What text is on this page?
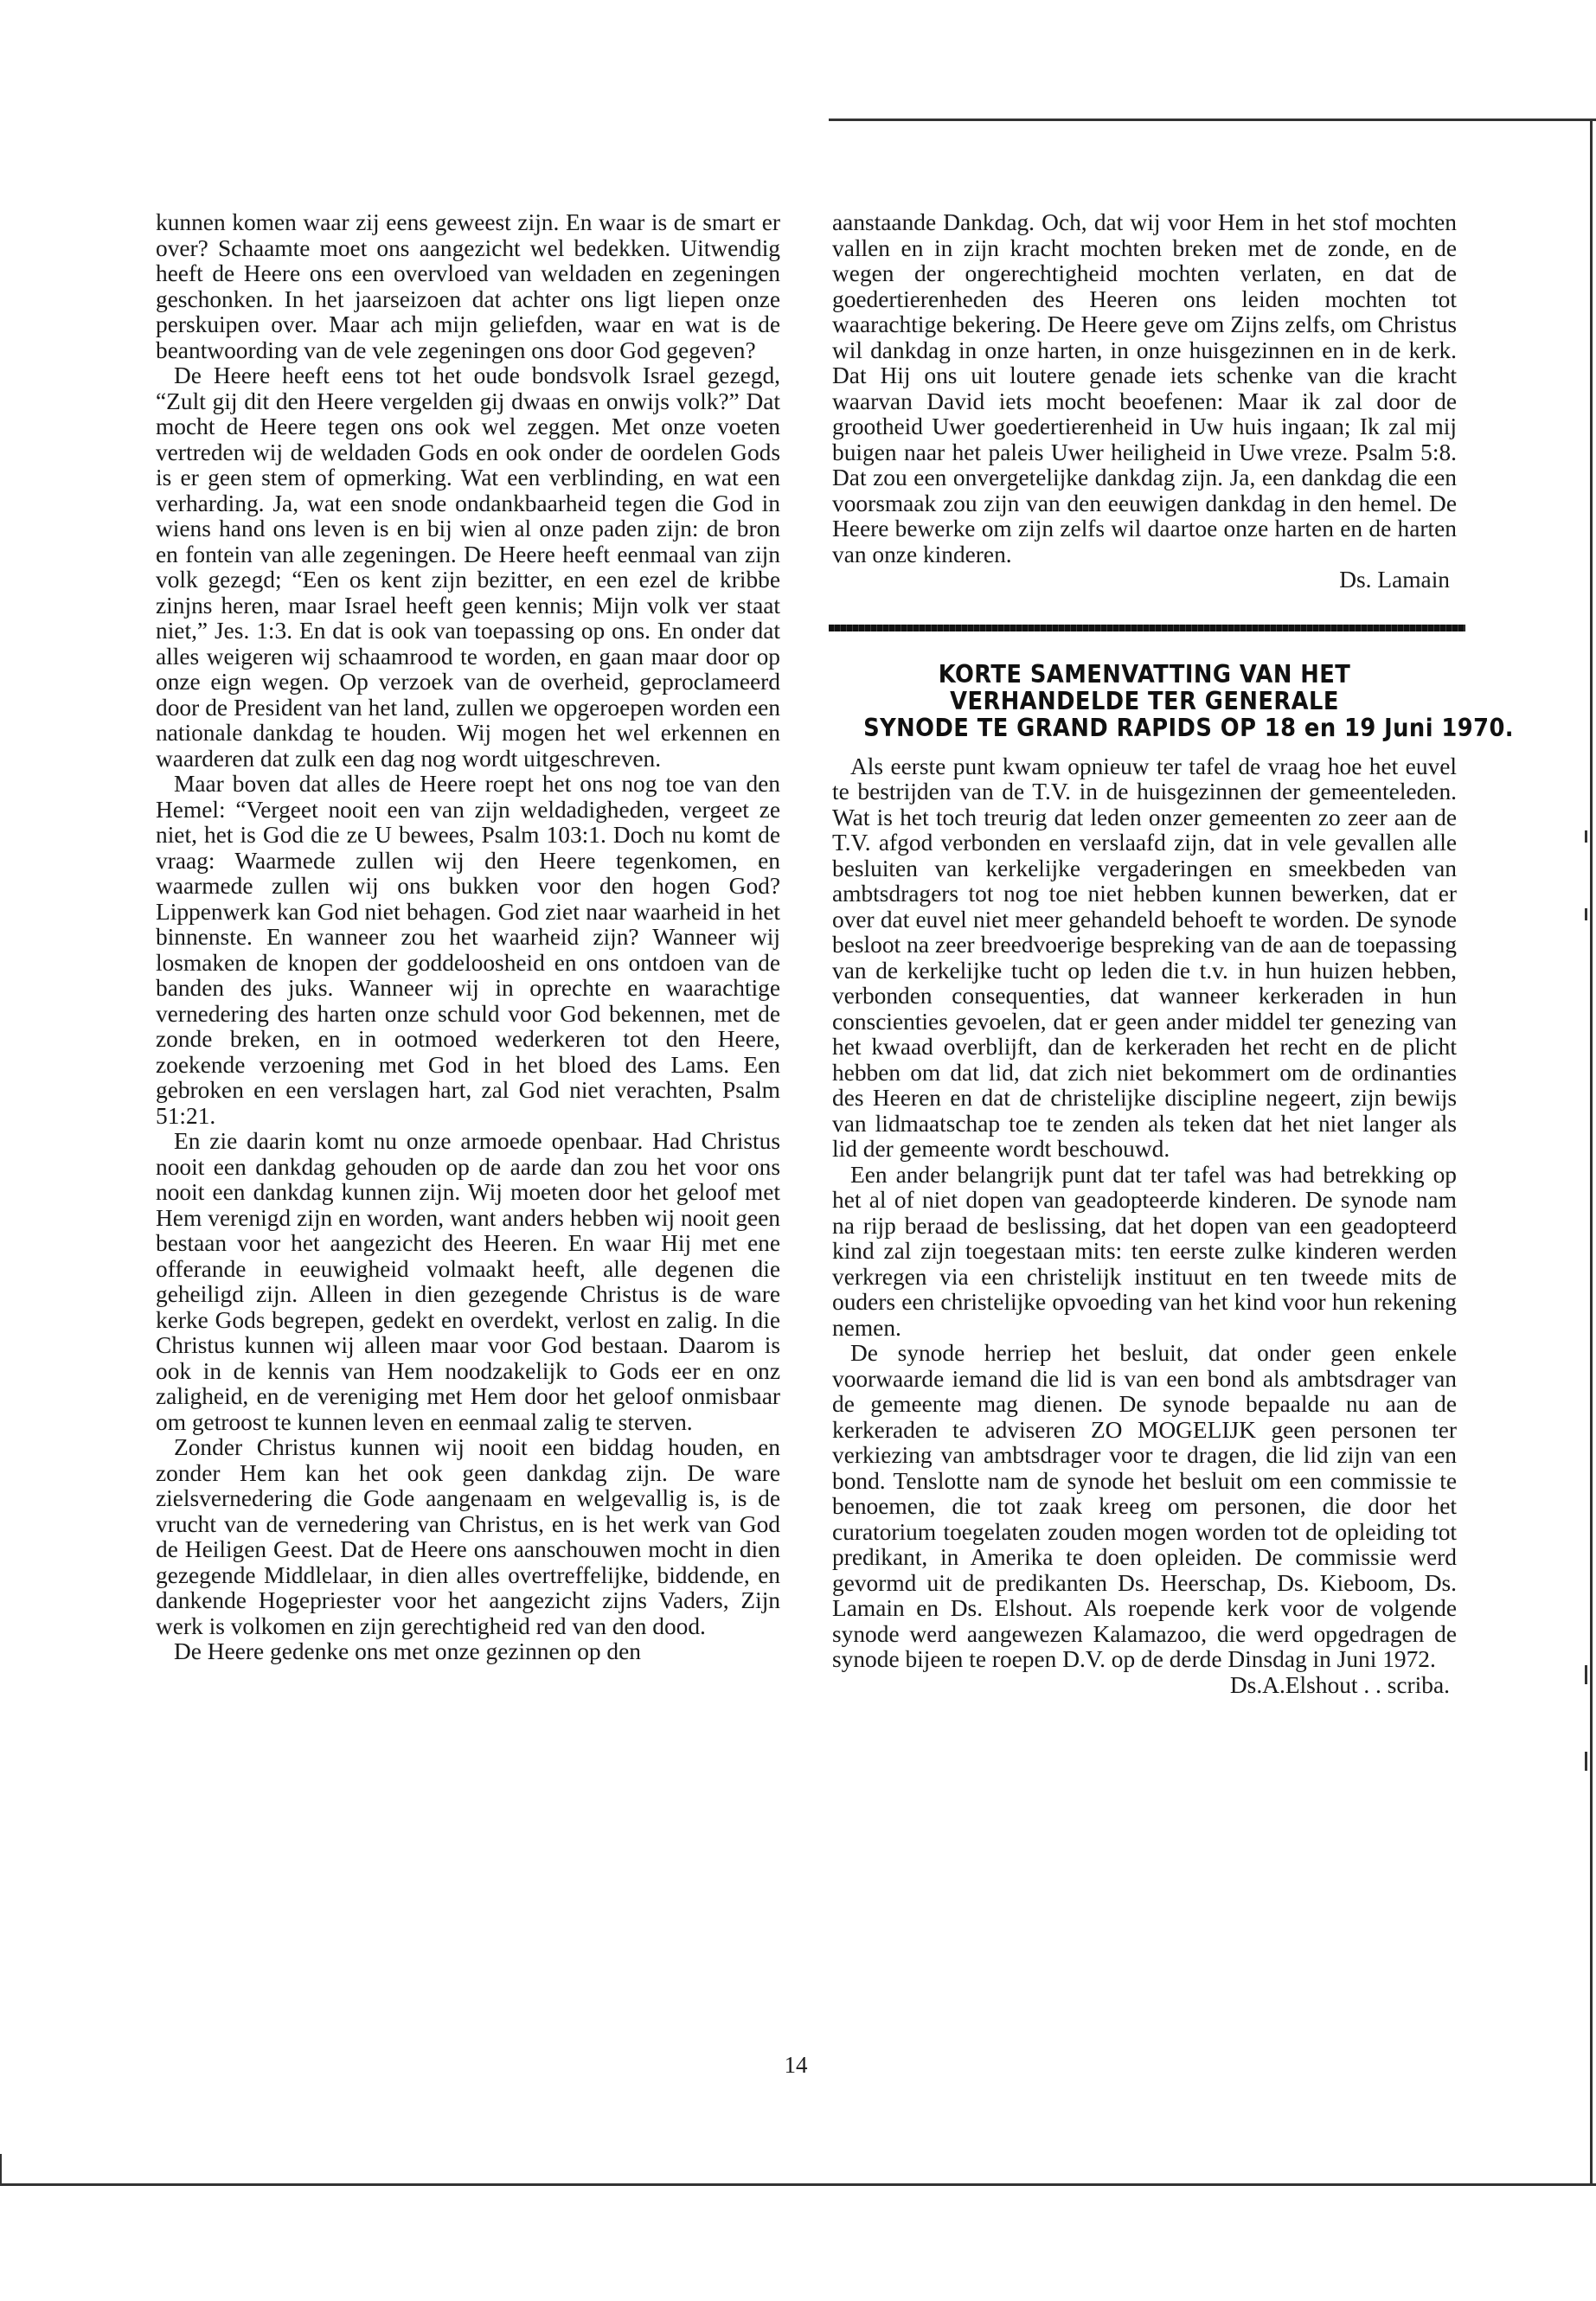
kunnen komen waar zij eens geweest zijn. En waar is de smart er over? Schaamte moet ons aangezicht wel bedekken. Uitwendig heeft de Heere ons een overvloed van weldaden en zegeningen geschonken. In het jaarseizoen dat achter ons ligt liepen onze perskuipen over. Maar ach mijn geliefden, waar en wat is de beantwoording van de vele zegeningen ons door God gegeven?

De Heere heeft eens tot het oude bondsvolk Israel gezegd, “Zult gij dit den Heere vergelden gij dwaas en onwijs volk?” Dat mocht de Heere tegen ons ook wel zeggen. Met onze voeten vertreden wij de weldaden Gods en ook onder de oordelen Gods is er geen stem of opmerking. Wat een verblinding, en wat een verharding. Ja, wat een snode ondankbaarheid tegen die God in wiens hand ons leven is en bij wien al onze paden zijn: de bron en fontein van alle zegeningen. De Heere heeft eenmaal van zijn volk gezegd; “Een os kent zijn bezitter, en een ezel de kribbe zinjns heren, maar Israel heeft geen kennis; Mijn volk ver staat niet,” Jes. 1:3. En dat is ook van toepassing op ons. En onder dat alles weigeren wij schaamrood te worden, en gaan maar door op onze eign wegen. Op verzoek van de overheid, geproclameerd door de President van het land, zullen we opgeroepen worden een nationale dankdag te houden. Wij mogen het wel erkennen en waarderen dat zulk een dag nog wordt uitgeschreven.

Maar boven dat alles de Heere roept het ons nog toe van den Hemel: “Vergeet nooit een van zijn weldadigheden, vergeet ze niet, het is God die ze U bewees, Psalm 103:1. Doch nu komt de vraag: Waarmede zullen wij den Heere tegenkomen, en waarmede zullen wij ons bukken voor den hogen God? Lippenwerk kan God niet behagen. God ziet naar waarheid in het binnenste. En wanneer zou het waarheid zijn? Wanneer wij losmaken de knopen der goddeloosheid en ons ontdoen van de banden des juks. Wanneer wij in oprechte en waarachtige vernedering des harten onze schuld voor God bekennen, met de zonde breken, en in ootmoed wederkeren tot den Heere, zoekende verzoening met God in het bloed des Lams. Een gebroken en een verslagen hart, zal God niet verachten, Psalm 51:21.

En zie daarin komt nu onze armoede openbaar. Had Christus nooit een dankdag gehouden op de aarde dan zou het voor ons nooit een dankdag kunnen zijn. Wij moeten door het geloof met Hem verenigd zijn en worden, want anders hebben wij nooit geen bestaan voor het aangezicht des Heeren. En waar Hij met ene offerande in eeuwigheid volmaakt heeft, alle degenen die geheiligd zijn. Alleen in dien gezegende Christus is de ware kerke Gods begrepen, gedekt en overdekt, verlost en zalig. In die Christus kunnen wij alleen maar voor God bestaan. Daarom is ook in de kennis van Hem noodzakelijk to Gods eer en onz zaligheid, en de vereniging met Hem door het geloof onmisbaar om getroost te kunnen leven en eenmaal zalig te sterven.

Zonder Christus kunnen wij nooit een biddag houden, en zonder Hem kan het ook geen dankdag zijn. De ware zielsvernedering die Gode aangenaam en welgevallig is, is de vrucht van de vernedering van Christus, en is het werk van God de Heiligen Geest. Dat de Heere ons aanschouwen mocht in dien gezegende Middlelaar, in dien alles overtreffelijke, biddende, en dankende Hogepriester voor het aangezicht zijns Vaders, Zijn werk is volkomen en zijn gerechtigheid red van den dood.

De Heere gedenke ons met onze gezinnen op den

aanstaande Dankdag. Och, dat wij voor Hem in het stof mochten vallen en in zijn kracht mochten breken met de zonde, en de wegen der ongerechtigheid mochten verlaten, en dat de goedertierenheden des Heeren ons leiden mochten tot waarachtige bekering. De Heere geve om Zijns zelfs, om Christus wil dankdag in onze harten, in onze huisgezinnen en in de kerk. Dat Hij ons uit loutere genade iets schenke van die kracht waarvan David iets mocht beoefenen: Maar ik zal door de grootheid Uwer goedertierenheid in Uw huis ingaan; Ik zal mij buigen naar het paleis Uwer heiligheid in Uwe vreze. Psalm 5:8. Dat zou een onvergetelijke dankdag zijn. Ja, een dankdag die een voorsmaak zou zijn van den eeuwigen dankdag in den hemel. De Heere bewerke om zijn zelfs wil daartoe onze harten en de harten van onze kinderen.

Ds. Lamain

KORTE SAMENVATTING VAN HET
VERHANDELDE TER GENERALE
SYNODE TE GRAND RAPIDS OP 18 en 19 Juni 1970.

Als eerste punt kwam opnieuw ter tafel de vraag hoe het euvel te bestrijden van de T.V. in de huisgezinnen der gemeenteleden. Wat is het toch treurig dat leden onzer gemeenten zo zeer aan de T.V. afgod verbonden en verslaafd zijn, dat in vele gevallen alle besluiten van kerkelijke vergaderingen en smeekbeden van ambtsdragers tot nog toe niet hebben kunnen bewerken, dat er over dat euvel niet meer gehandeld behoeft te worden. De synode besloot na zeer breedvoerige bespreking van de aan de toepassing van de kerkelijke tucht op leden die t.v. in hun huizen hebben, verbonden consequenties, dat wanneer kerkeraden in hun conscienties gevoelen, dat er geen ander middel ter genezing van het kwaad overblijft, dan de kerkeraden het recht en de plicht hebben om dat lid, dat zich niet bekommert om de ordinanties des Heeren en dat de christelijke discipline negeert, zijn bewijs van lidmaatschap toe te zenden als teken dat het niet langer als lid der gemeente wordt beschouwd.

Een ander belangrijk punt dat ter tafel was had betrekking op het al of niet dopen van geadopteerde kinderen. De synode nam na rijp beraad de beslissing, dat het dopen van een geadopteerd kind zal zijn toegestaan mits: ten eerste zulke kinderen werden verkregen via een christelijk instituut en ten tweede mits de ouders een christelijke opvoeding van het kind voor hun rekening nemen.

De synode herriep het besluit, dat onder geen enkele voorwaarde iemand die lid is van een bond als ambtsdrager van de gemeente mag dienen. De synode bepaalde nu aan de kerkeraden te adviseren ZO MOGELIJK geen personen ter verkiezing van ambtsdrager voor te dragen, die lid zijn van een bond. Tenslotte nam de synode het besluit om een commissie te benoemen, die tot zaak kreeg om personen, die door het curatorium toegelaten zouden mogen worden tot de opleiding tot predikant, in Amerika te doen opleiden. De commissie werd gevormd uit de predikanten Ds. Heerschap, Ds. Kieboom, Ds. Lamain en Ds. Elshout. Als roepende kerk voor de volgende synode werd aangewezen Kalamazoo, die werd opgedragen de synode bijeen te roepen D.V. op de derde Dinsdag in Juni 1972.

Ds.A.Elshout . . scriba.

14
